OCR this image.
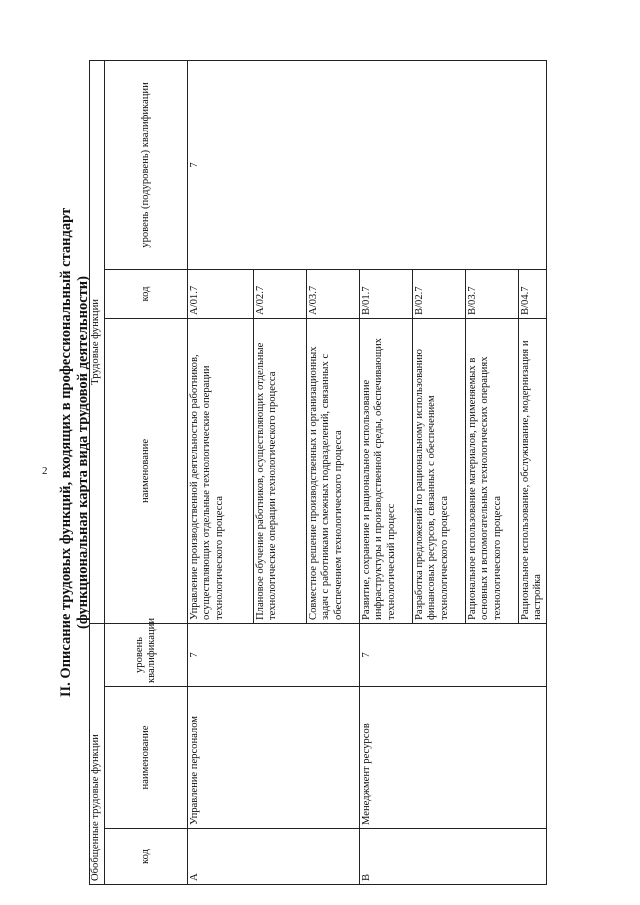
2 II. Описание трудовых функций, входящих в профессиональный стандарт (функциональная карта вида трудовой деятельности)
Обобщенные трудовые функции			Трудовые функции		
код	наименование	уровень квалификации	наименование	код	уровень (подуровень) квалификации
A	Управление персоналом	7	Управление производственной деятельностью работников, осуществляющих отдельные технологические операции технологического процесса	A/01.7	7
			Плановое обучение работников, осуществляющих отдельные технологические операции технологического процесса	A/02.7	
			Совместное решение производственных и организационных задач с работниками смежных подразделений, связанных с обеспечением технологического процесса	A/03.7	
B	Менеджмент ресурсов	7	Развитие, сохранение и рациональное использование инфраструктуры и производственной среды, обеспечивающих технологический процесс	B/01.7	
			Разработка предложений по рациональному использованию финансовых ресурсов, связанных с обеспечением технологического процесса	B/02.7	
			Рациональное использование материалов, применяемых в основных и вспомогательных технологических операциях технологического процесса	B/03.7	
			Рациональное использование, обслуживание, модернизация и настройка	B/04.7	
